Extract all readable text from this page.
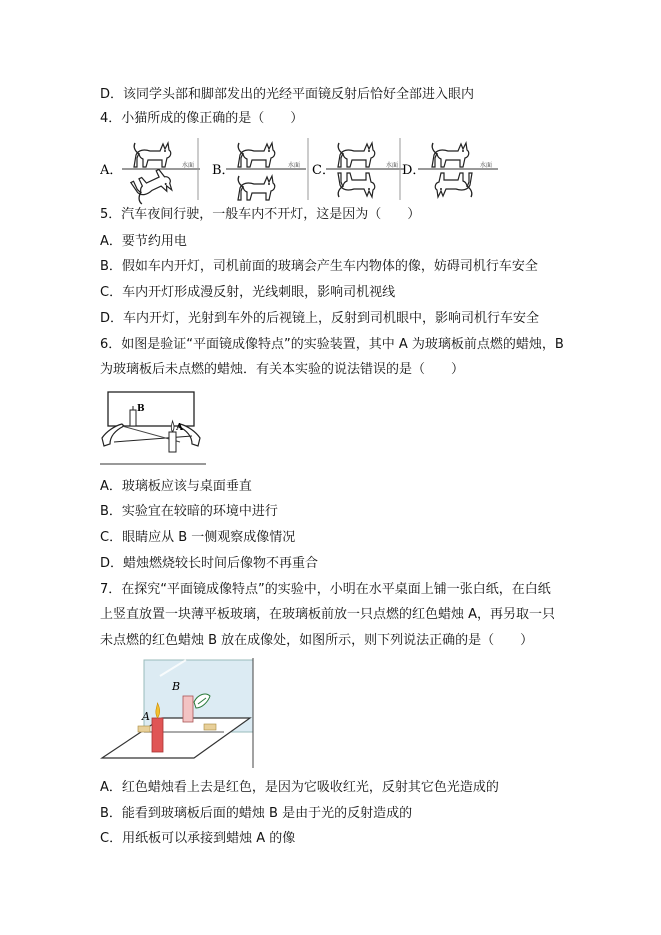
D．该同学头部和脚部发出的光经平面镜反射后恰好全部进入眼内
4．小猫所成的像正确的是（　　）
A．	水面 B．	水面 C．	水面 D．	水面
5．汽车夜间行驶，一般车内不开灯，这是因为（　　）
A．要节约用电
B．假如车内开灯，司机前面的玻璃会产生车内物体的像，妨碍司机行车安全
C．车内开灯形成漫反射，光线刺眼，影响司机视线
D．车内开灯，光射到车外的后视镜上，反射到司机眼中，影响司机行车安全
6．如图是验证“平面镜成像特点”的实验装置，其中 A 为玻璃板前点燃的蜡烛，B
为玻璃板后未点燃的蜡烛．有关本实验的说法错误的是（　　）
B
A
A．玻璃板应该与桌面垂直
B．实验宜在较暗的环境中进行
C．眼睛应从 B 一侧观察成像情况
D．蜡烛燃烧较长时间后像物不再重合
7．在探究“平面镜成像特点”的实验中，小明在水平桌面上铺一张白纸，在白纸
上竖直放置一块薄平板玻璃，在玻璃板前放一只点燃的红色蜡烛 A，再另取一只
未点燃的红色蜡烛 B 放在成像处，如图所示，则下列说法正确的是（　　）
B
A
A．红色蜡烛看上去是红色，是因为它吸收红光，反射其它色光造成的
B．能看到玻璃板后面的蜡烛 B 是由于光的反射造成的
C．用纸板可以承接到蜡烛 A 的像
